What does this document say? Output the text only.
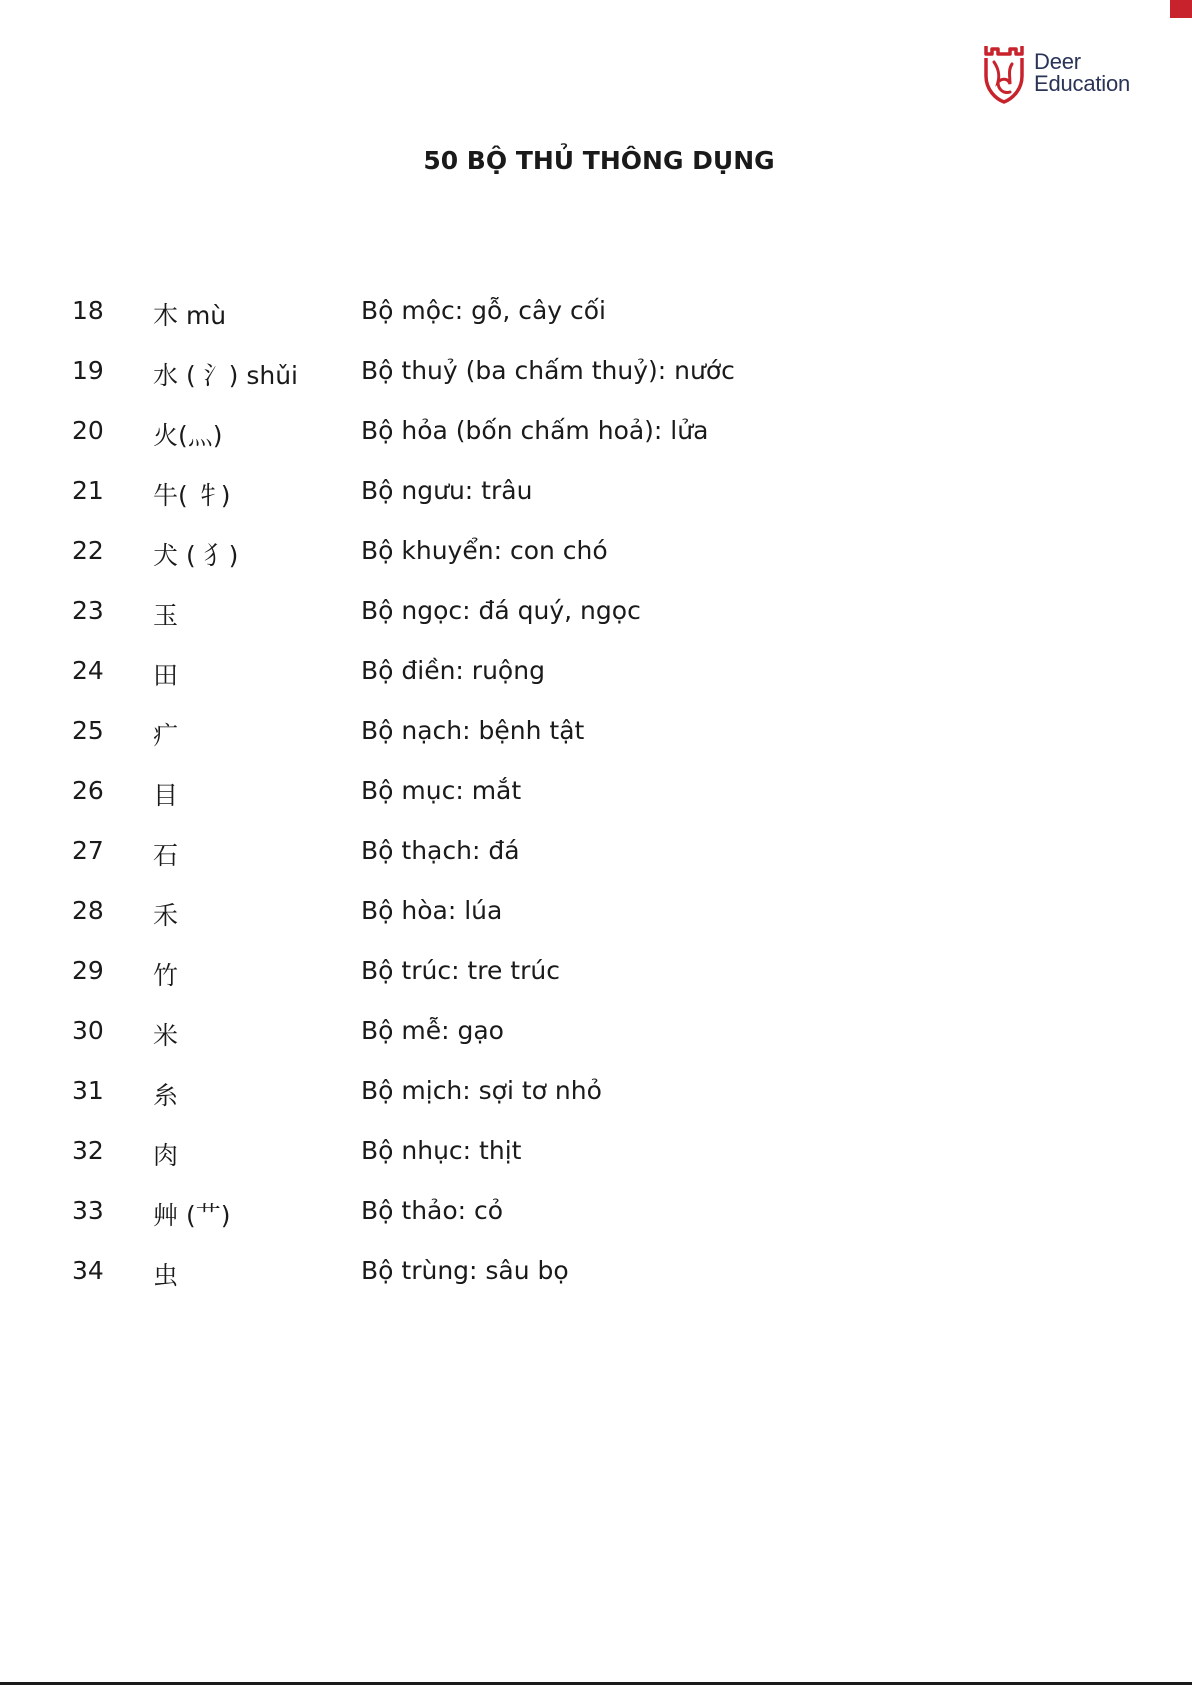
Deer
Education
50 BỘ THỦ THÔNG DỤNG
18 木 mù	Bộ mộc: gỗ, cây cối
19 水 ( 氵) shǔi	Bộ thuỷ (ba chấm thuỷ): nước
20 火(灬)	Bộ hỏa (bốn chấm hoả): lửa
21 牛( 牜)	Bộ ngưu: trâu
22 犬 ( 犭)	Bộ khuyển: con chó
23 玉	Bộ ngọc: đá quý, ngọc
24 田	Bộ điền: ruộng
25 疒	Bộ nạch: bệnh tật
26 目	Bộ mục: mắt
27 石	Bộ thạch: đá
28 禾	Bộ hòa: lúa
29 竹	Bộ trúc: tre trúc
30 米	Bộ mễ: gạo
31 糸	Bộ mịch: sợi tơ nhỏ
32 肉	Bộ nhục: thịt
33 艸 (艹)	Bộ thảo: cỏ
34 虫	Bộ trùng: sâu bọ
